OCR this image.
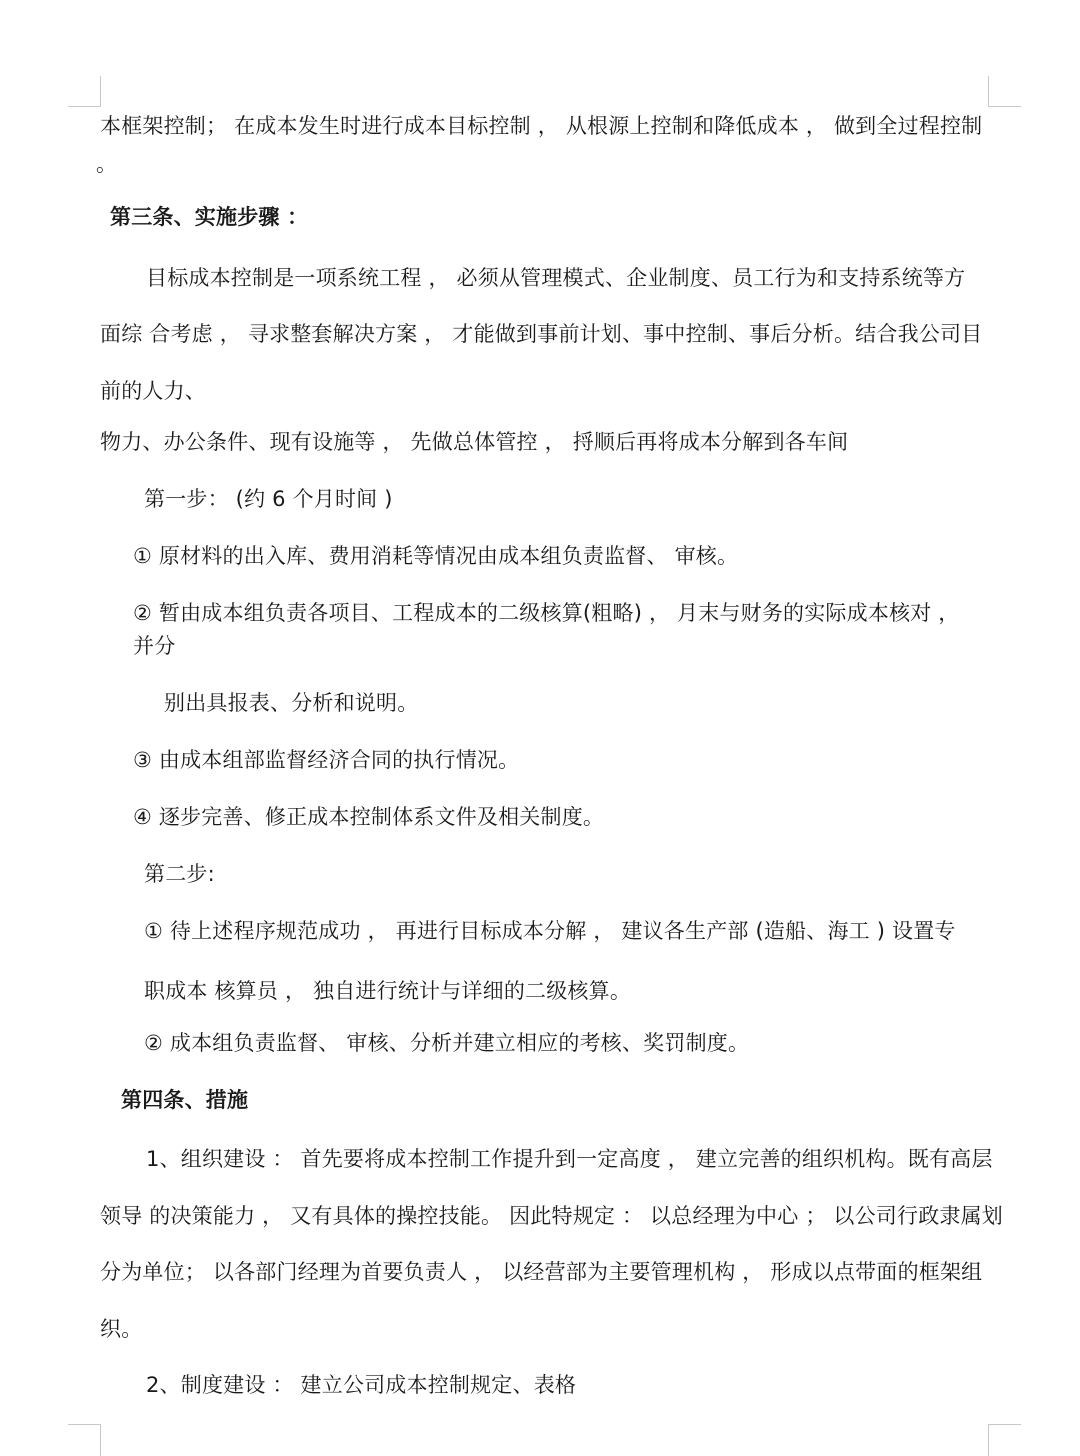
本框架控制； 在成本发生时进行成本目标控制 ， 从根源上控制和降低成本 ， 做到全过程控制

。

第三条、实施步骤 ：

目标成本控制是一项系统工程 ， 必须从管理模式、企业制度、员工行为和支持系统等方

面综 合考虑 ， 寻求整套解决方案 ， 才能做到事前计划、事中控制、事后分析。结合我公司目

前的人力、

物力、办公条件、现有设施等 ， 先做总体管控 ， 捋顺后再将成本分解到各车间

第一步： (约 6 个月时间 )

① 原材料的出入库、费用消耗等情况由成本组负责监督、 审核。

② 暂由成本组负责各项目、工程成本的二级核算(粗略) ， 月末与财务的实际成本核对 ，

并分

别出具报表、分析和说明。

③ 由成本组部监督经济合同的执行情况。

④ 逐步完善、修正成本控制体系文件及相关制度。

第二步:

① 待上述程序规范成功 ， 再进行目标成本分解 ， 建议各生产部 (造船、海工 ) 设置专

职成本 核算员 ， 独自进行统计与详细的二级核算。

② 成本组负责监督、 审核、分析并建立相应的考核、奖罚制度。

第四条、措施

1、组织建设 ： 首先要将成本控制工作提升到一定高度 ， 建立完善的组织机构。既有高层

领导 的决策能力 ， 又有具体的操控技能。 因此特规定 ： 以总经理为中心 ； 以公司行政隶属划

分为单位； 以各部门经理为首要负责人 ， 以经营部为主要管理机构 ， 形成以点带面的框架组

织。

2、制度建设 ： 建立公司成本控制规定、表格
